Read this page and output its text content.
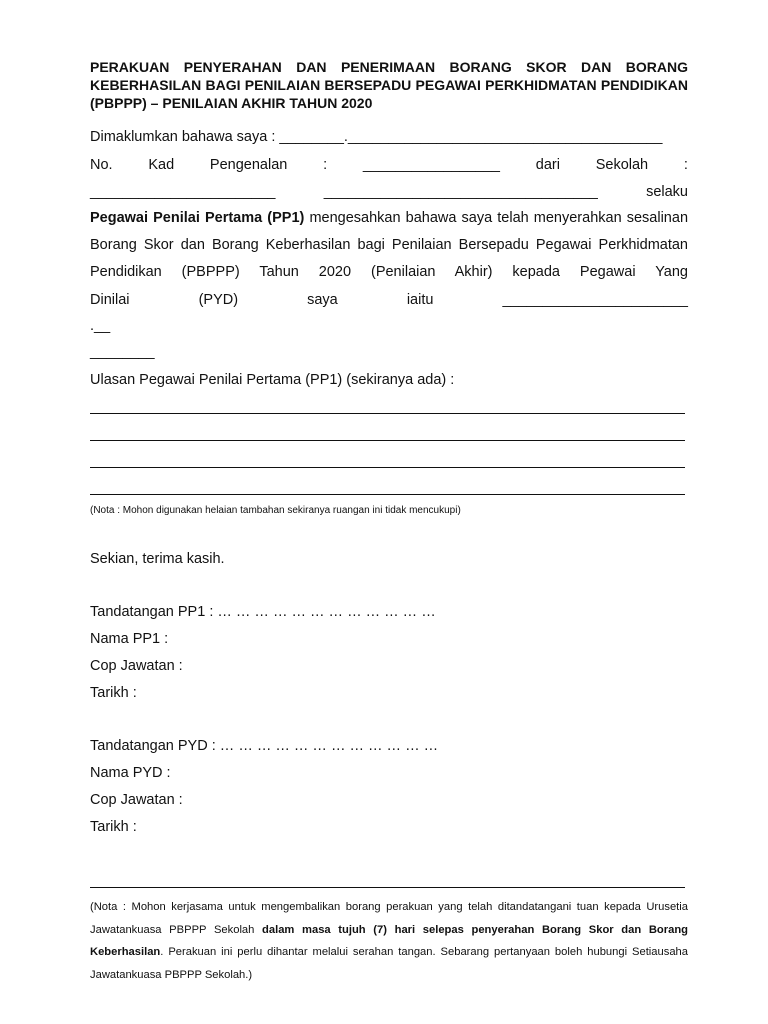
PERAKUAN PENYERAHAN DAN PENERIMAAN BORANG SKOR DAN BORANG KEBERHASILAN BAGI PENILAIAN BERSEPADU PEGAWAI PERKHIDMATAN PENDIDIKAN (PBPPP) – PENILAIAN AKHIR TAHUN 2020
Dimaklumkan bahawa saya : ________._______________________________________
No. Kad Pengenalan : _________________ dari Sekolah :
_______________________	__________________________________	selaku
Pegawai Penilai Pertama (PP1) mengesahkan bahawa saya telah menyerahkan sesalinan Borang Skor dan Borang Keberhasilan bagi Penilaian Bersepadu Pegawai Perkhidmatan Pendidikan (PBPPP) Tahun 2020 (Penilaian Akhir) kepada Pegawai Yang
Dinilai	(PYD)	saya	iaitu	_______________________
.__
________
Ulasan Pegawai Penilai Pertama (PP1) (sekiranya ada) :
(Nota : Mohon digunakan helaian tambahan sekiranya ruangan ini tidak mencukupi)
Sekian, terima kasih.
Tandatangan PP1 : … … … … … … … … … … … …
Nama PP1 :
Cop Jawatan :
Tarikh :
Tandatangan PYD : … … … … … … … … … … … …
Nama PYD :
Cop Jawatan :
Tarikh :
(Nota : Mohon kerjasama untuk mengembalikan borang perakuan yang telah ditandatangani tuan kepada Urusetia Jawatankuasa PBPPP Sekolah dalam masa tujuh (7) hari selepas penyerahan Borang Skor dan Borang Keberhasilan. Perakuan ini perlu dihantar melalui serahan tangan. Sebarang pertanyaan boleh hubungi Setiausaha Jawatankuasa PBPPP Sekolah.)
